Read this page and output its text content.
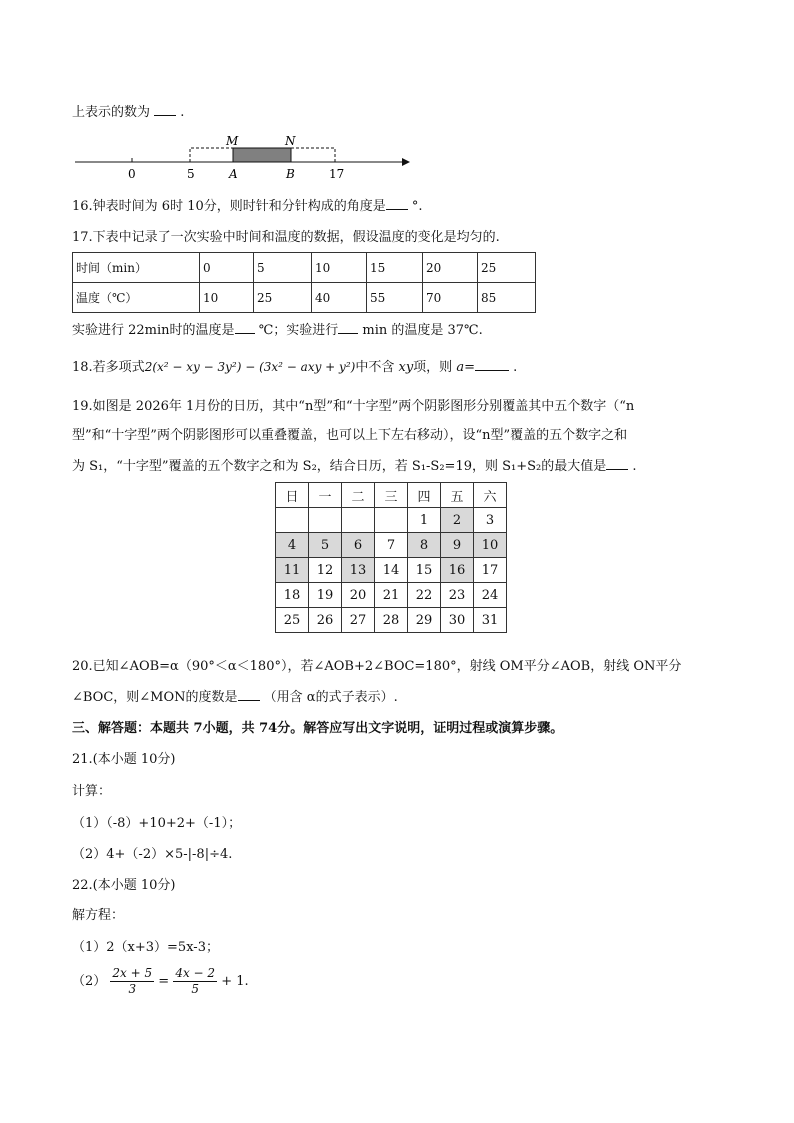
上表示的数为  .
0	5	A	B	17
M	N
16.钟表时间为 6时 10分，则时针和分针构成的角度是 °.
17.下表中记录了一次实验中时间和温度的数据，假设温度的变化是均匀的.
时间（min）	0	5	10	15	20	25
温度（℃）	10	25	40	55	70	85
实验进行 22min时的温度是 ℃；实验进行 min 的温度是 37℃.
18.若多项式2(x² − xy − 3y²) − (3x² − axy + y²)中不含 xy项，则 a=	.
19.如图是 2026年 1月份的日历，其中“n型”和“十字型”两个阴影图形分别覆盖其中五个数字（“n
型”和“十字型”两个阴影图形可以重叠覆盖，也可以上下左右移动），设“n型”覆盖的五个数字之和
为 S₁，“十字型”覆盖的五个数字之和为 S₂，结合日历，若 S₁-S₂=19，则 S₁+S₂的最大值是 .
日	一	二	三	四	五	六
				1	2	3
4	5	6	7	8	9	10
11	12	13	14	15	16	17
18	19	20	21	22	23	24
25	26	27	28	29	30	31
20.已知∠AOB=α（90°＜α＜180°），若∠AOB+2∠BOC=180°，射线 OM平分∠AOB，射线 ON平分
∠BOC，则∠MON的度数是 （用含 α的式子表示）.
三、解答题：本题共 7小题，共 74分。解答应写出文字说明，证明过程或演算步骤。
21.(本小题 10分)
计算：
（1）（-8）+10+2+（-1）；
（2）4+（-2）×5-|-8|÷4.
22.(本小题 10分)
解方程：
（1）2（x+3）=5x-3；
$(2) \frac{2x + 5}{3} = \frac{4x - 2}{5} + 1$.
